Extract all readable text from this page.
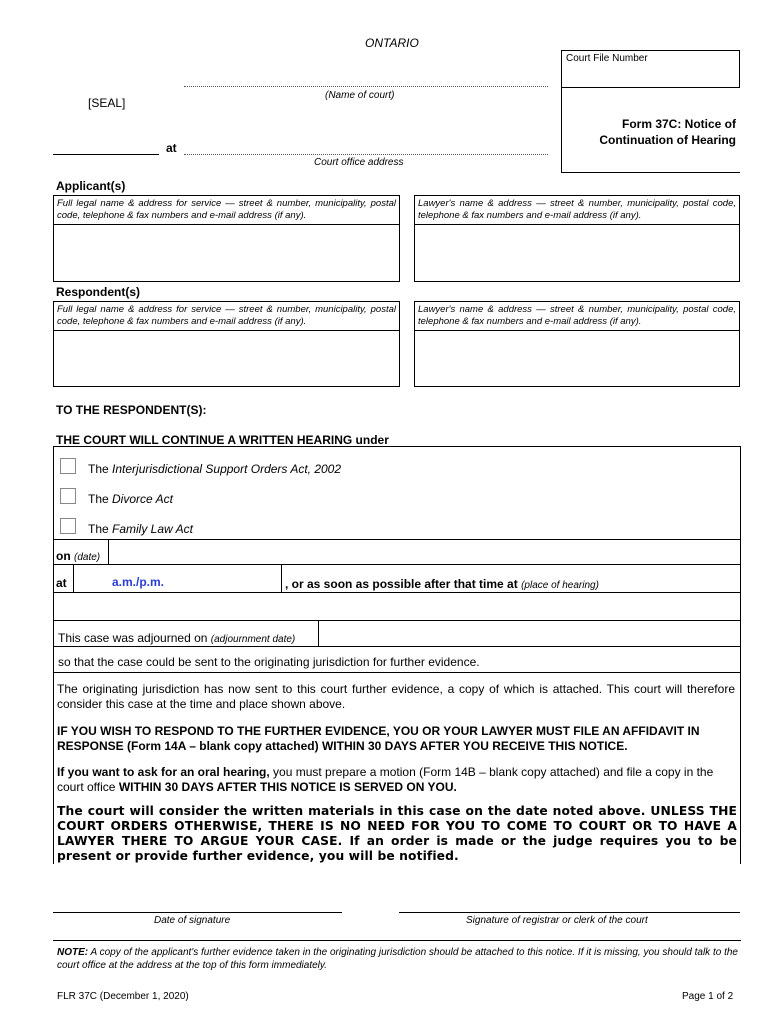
ONTARIO
Court File Number
[SEAL]
(Name of court)
at
Court office address
Form 37C: Notice of
Continuation of Hearing
Applicant(s)
Full legal name & address for service — street & number, municipality, postal code, telephone & fax numbers and e-mail address (if any).
Lawyer's name & address — street & number, municipality, postal code, telephone & fax numbers and e-mail address (if any).
Respondent(s)
Full legal name & address for service — street & number, municipality, postal code, telephone & fax numbers and e-mail address (if any).
Lawyer's name & address — street & number, municipality, postal code, telephone & fax numbers and e-mail address (if any).
TO THE RESPONDENT(S):
THE COURT WILL CONTINUE A WRITTEN HEARING under
The Interjurisdictional Support Orders Act, 2002
The Divorce Act
The Family Law Act
on (date)
at	a.m./p.m.	, or as soon as possible after that time at (place of hearing)
This case was adjourned on (adjournment date)
so that the case could be sent to the originating jurisdiction for further evidence.
The originating jurisdiction has now sent to this court further evidence, a copy of which is attached. This court will therefore consider this case at the time and place shown above.
IF YOU WISH TO RESPOND TO THE FURTHER EVIDENCE, YOU OR YOUR LAWYER MUST FILE AN AFFIDAVIT IN RESPONSE (Form 14A – blank copy attached) WITHIN 30 DAYS AFTER YOU RECEIVE THIS NOTICE.
If you want to ask for an oral hearing, you must prepare a motion (Form 14B – blank copy attached) and file a copy in the court office WITHIN 30 DAYS AFTER THIS NOTICE IS SERVED ON YOU.
The court will consider the written materials in this case on the date noted above. UNLESS THE COURT ORDERS OTHERWISE, THERE IS NO NEED FOR YOU TO COME TO COURT OR TO HAVE A LAWYER THERE TO ARGUE YOUR CASE. If an order is made or the judge requires you to be present or provide further evidence, you will be notified.
Date of signature	Signature of registrar or clerk of the court
NOTE: A copy of the applicant's further evidence taken in the originating jurisdiction should be attached to this notice. If it is missing, you should talk to the court office at the address at the top of this form immediately.
FLR 37C (December 1, 2020)	Page 1 of 2
